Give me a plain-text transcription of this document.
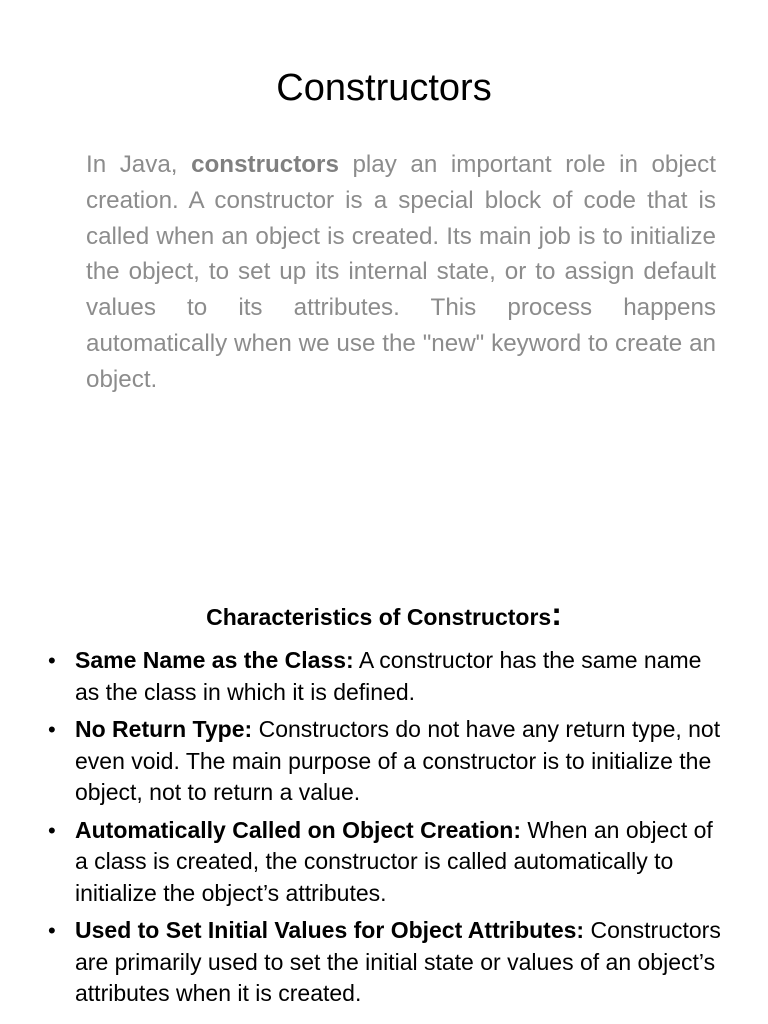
Constructors

In Java, constructors play an important role in object creation. A constructor is a special block of code that is called when an object is created. Its main job is to initialize the object, to set up its internal state, or to assign default values to its attributes. This process happens automatically when we use the "new" keyword to create an object.

Characteristics of Constructors:
• Same Name as the Class: A constructor has the same name as the class in which it is defined.
• No Return Type: Constructors do not have any return type, not even void. The main purpose of a constructor is to initialize the object, not to return a value.
• Automatically Called on Object Creation: When an object of a class is created, the constructor is called automatically to initialize the object’s attributes.
• Used to Set Initial Values for Object Attributes: Constructors are primarily used to set the initial state or values of an object’s attributes when it is created.
